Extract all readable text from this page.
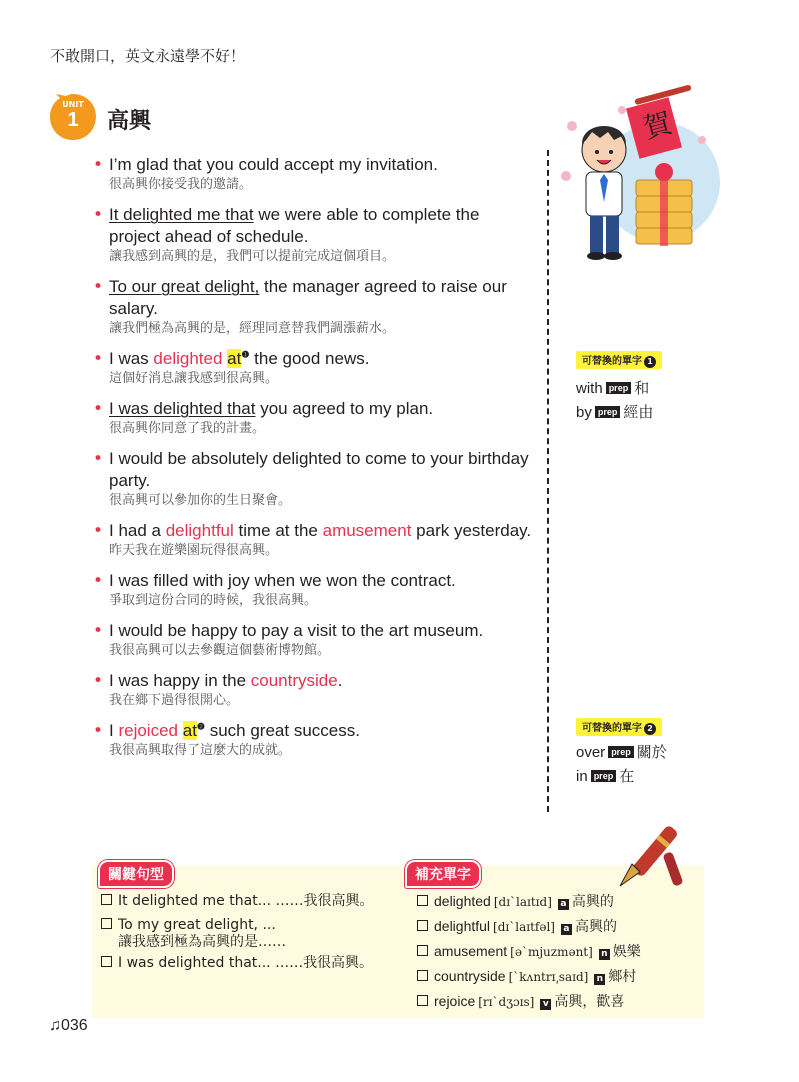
不敢開口，英文永遠學不好！
UNIT
1	高興
• I’m glad that you could accept my invitation.
很高興你接受我的邀請。
• It delighted me that we were able to complete the project ahead of schedule.
讓我感到高興的是，我們可以提前完成這個項目。
• To our great delight, the manager agreed to raise our salary.
讓我們極為高興的是，經理同意替我們調漲薪水。
• I was delighted $at^❶$ the good news.
這個好消息讓我感到很高興。
• I was delighted that you agreed to my plan.
很高興你同意了我的計畫。
• I would be absolutely delighted to come to your birthday party.
很高興可以參加你的生日聚會。
• I had a delightful time at the amusement park yesterday.
昨天我在遊樂園玩得很高興。
• I was filled with joy when we won the contract.
爭取到這份合同的時候，我很高興。
• I would be happy to pay a visit to the art museum.
我很高興可以去參觀這個藝術博物館。
• I was happy in the countryside.
我在鄉下過得很開心。
• I rejoiced $at^❷$ such great success.
我很高興取得了這麼大的成就。
賀
可替換的單字 1
with prep 和
by prep 經由
可替換的單字 2
over prep 關於
in prep 在
關鍵句型
It delighted me that... ……我很高興。
To my great delight, ...
讓我感到極為高興的是……
I was delighted that... ……我很高興。
補充單字
delighted [dɪˋlaɪtɪd] a 高興的
delightful [dɪˋlaɪtfəl] a 高興的
amusement [əˋmjuzmənt] n 娛樂
countryside [ˋkʌntrɪ͵saɪd] n 鄉村
rejoice [rɪˋdʒɔɪs] v 高興，歡喜
♫036
